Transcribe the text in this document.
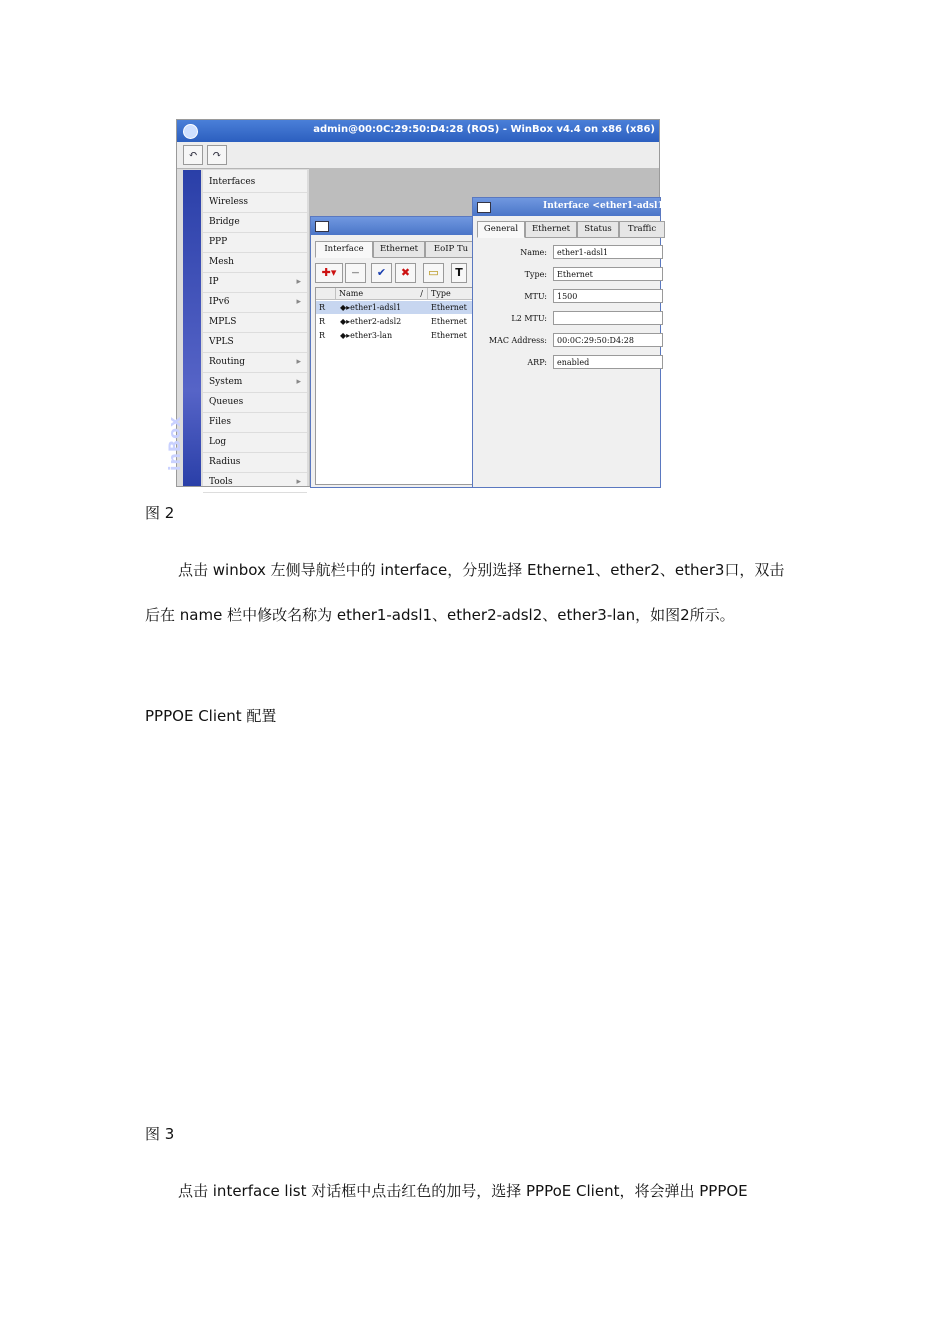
admin@00:0C:29:50:D4:28 (ROS) - WinBox v4.4 on x86 (x86)
↶	↷
inBox
Interfaces
Wireless
Bridge
PPP
Mesh
IP	▸
IPv6	▸
MPLS
VPLS
Routing	▸
System	▸
Queues
Files
Log
Radius
Tools	▸
Interface	Ethernet	EoIP Tu
✚▾	−	✔	✖	▭	T
Name	/	Type
R ◆▸ether1-adsl1	Ethernet
R ◆▸ether2-adsl2	Ethernet
R ◆▸ether3-lan	Ethernet
Interface <ether1-adsl1>
General	Ethernet	Status	Traffic
Name:	ether1-adsl1
Type:	Ethernet
MTU:	1500
L2 MTU:
MAC Address:	00:0C:29:50:D4:28
ARP:	enabled
图 2
点击 winbox 左侧导航栏中的 interface，分别选择 Etherne1、ether2、ether3口，双击
后在 name 栏中修改名称为 ether1-adsl1、ether2-adsl2、ether3-lan，如图2所示。
PPPOE Client 配置
图 3
点击 interface list 对话框中点击红色的加号，选择 PPPoE Client，将会弹出 PPPOE
